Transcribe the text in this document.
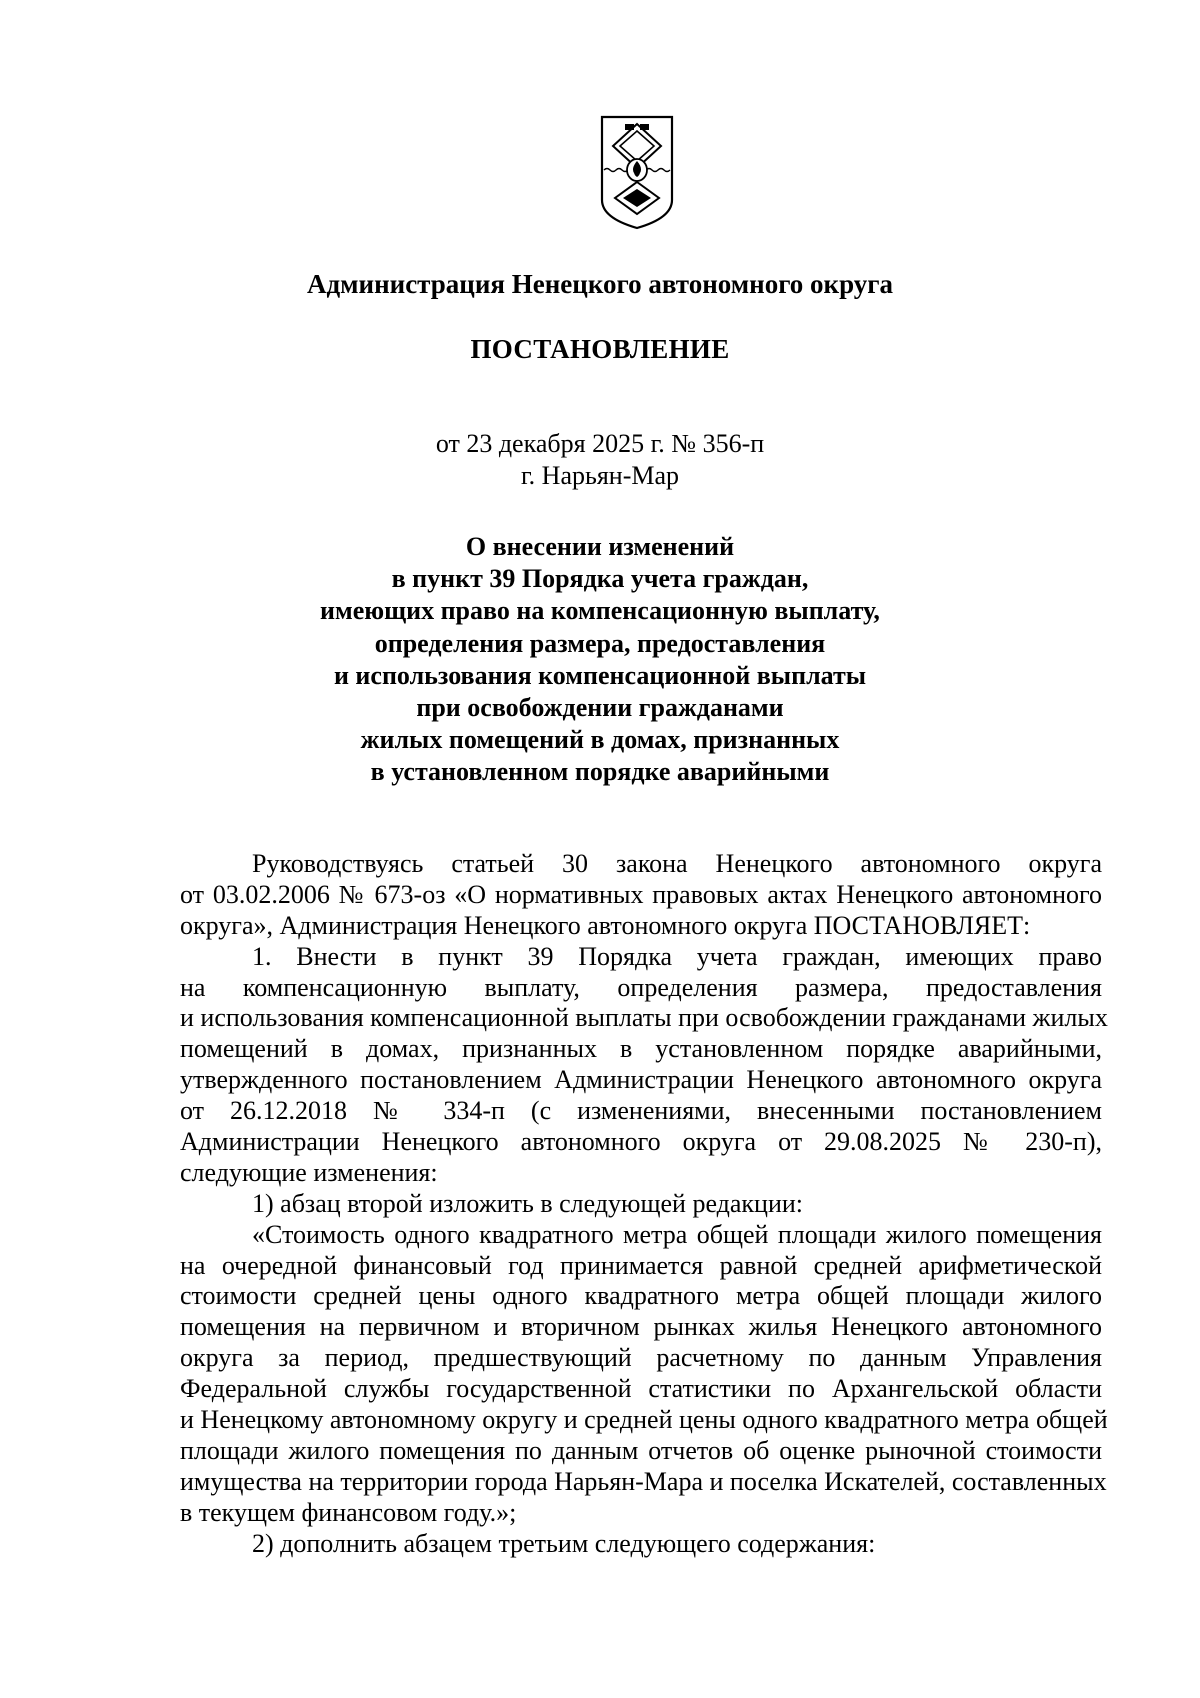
Администрация Ненецкого автономного округа
ПОСТАНОВЛЕНИЕ
от 23 декабря 2025 г. № 356-п
г. Нарьян-Мар
О внесении изменений
в пункт 39 Порядка учета граждан,
имеющих право на компенсационную выплату,
определения размера, предоставления
и использования компенсационной выплаты
при освобождении гражданами
жилых помещений в домах, признанных
в установленном порядке аварийными
Руководствуясь статьей 30 закона Ненецкого автономного округа
от 03.02.2006 № 673-оз «О нормативных правовых актах Ненецкого автономного
округа», Администрация Ненецкого автономного округа ПОСТАНОВЛЯЕТ:
1. Внести в пункт 39 Порядка учета граждан, имеющих право
на компенсационную выплату, определения размера, предоставления
и использования компенсационной выплаты при освобождении гражданами жилых
помещений в домах, признанных в установленном порядке аварийными,
утвержденного постановлением Администрации Ненецкого автономного округа
от 26.12.2018 № 334-п (с изменениями, внесенными постановлением
Администрации Ненецкого автономного округа от 29.08.2025 № 230-п),
следующие изменения:
1) абзац второй изложить в следующей редакции:
«Стоимость одного квадратного метра общей площади жилого помещения
на очередной финансовый год принимается равной средней арифметической
стоимости средней цены одного квадратного метра общей площади жилого
помещения на первичном и вторичном рынках жилья Ненецкого автономного
округа за период, предшествующий расчетному по данным Управления
Федеральной службы государственной статистики по Архангельской области
и Ненецкому автономному округу и средней цены одного квадратного метра общей
площади жилого помещения по данным отчетов об оценке рыночной стоимости
имущества на территории города Нарьян-Мара и поселка Искателей, составленных
в текущем финансовом году.»;
2) дополнить абзацем третьим следующего содержания:
